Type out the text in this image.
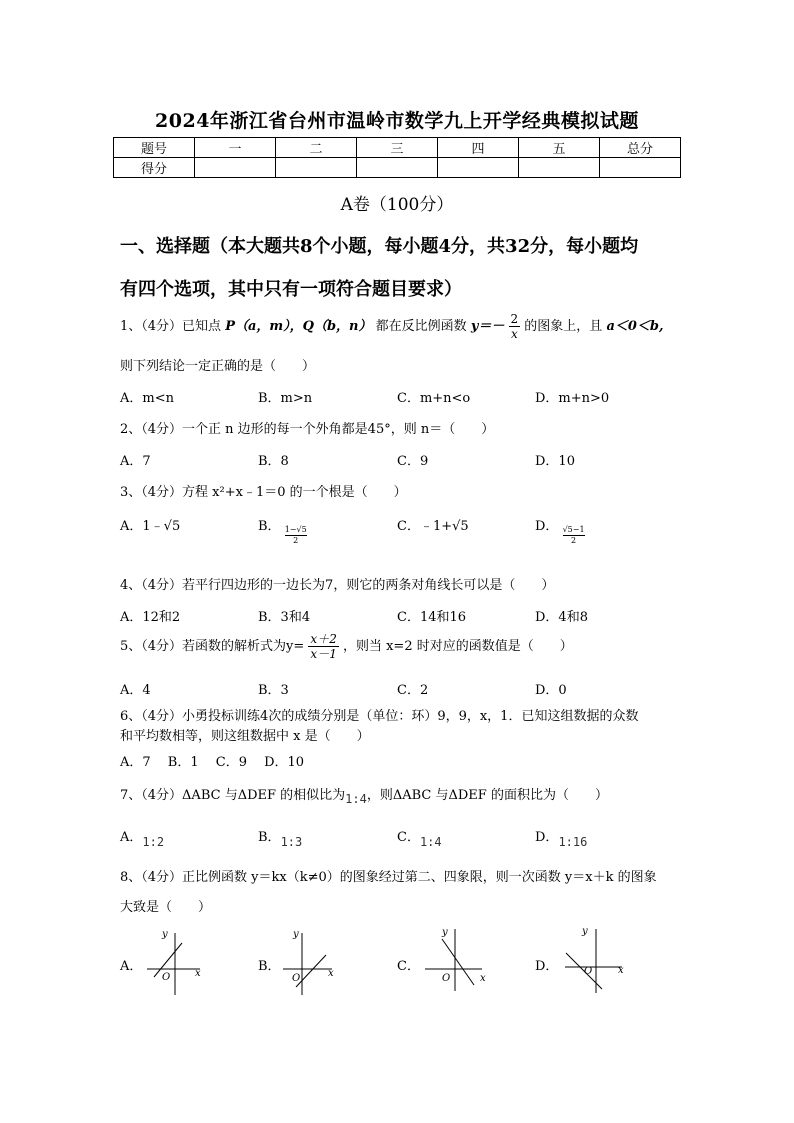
2024年浙江省台州市温岭市数学九上开学经典模拟试题
题号	一	二	三	四	五	总分
得分						
A卷（100分）
一、选择题（本大题共8个小题，每小题4分，共32分，每小题均
有四个选项，其中只有一项符合题目要求）
1、（4分）已知点 P（a，m），Q（b，n） 都在反比例函数 $y=- \frac{2}{x}$ 的图象上，且 a＜0＜b,
则下列结论一定正确的是（　　）
A．m<n	B．m>n	C．m+n<o	D．m+n>0
2、（4分）一个正 n 边形的每一个外角都是45°，则 n＝（　　）
A．7	B．8	C．9	D．10
3、（4分）方程 x²+x﹣1＝0 的一个根是（　　）
A．1﹣√5	B． $\frac{1-√5}{2}$	C．﹣1+√5	D． $\frac{√5-1}{2}$
4、（4分）若平行四边形的一边长为7，则它的两条对角线长可以是（　　）
A．12和2	B．3和4	C．14和16	D．4和8
5、（4分）若函数的解析式为$y= \frac{x+2}{x-1}$ ，则当 x=2 时对应的函数值是（　　）
A．4	B．3	C．2	D．0
6、（4分）小勇投标训练4次的成绩分别是（单位：环）9，9，x，1．已知这组数据的众数
和平均数相等，则这组数据中 x 是（　　）
A．7　 B．1　 C．9　 D．10
7、（4分）ΔABC 与ΔDEF 的相似比为1:4，则ΔABC 与ΔDEF 的面积比为（　　）
A．1:2	B．1:3	C．1:4	D．1:16
8、（4分）正比例函数 y＝kx（k≠0）的图象经过第二、四象限，则一次函数 y＝x＋k 的图象
大致是（　　）
A．	B．	C．	D．
y
x
O
y
x
O
y
x
O
y
x
O
